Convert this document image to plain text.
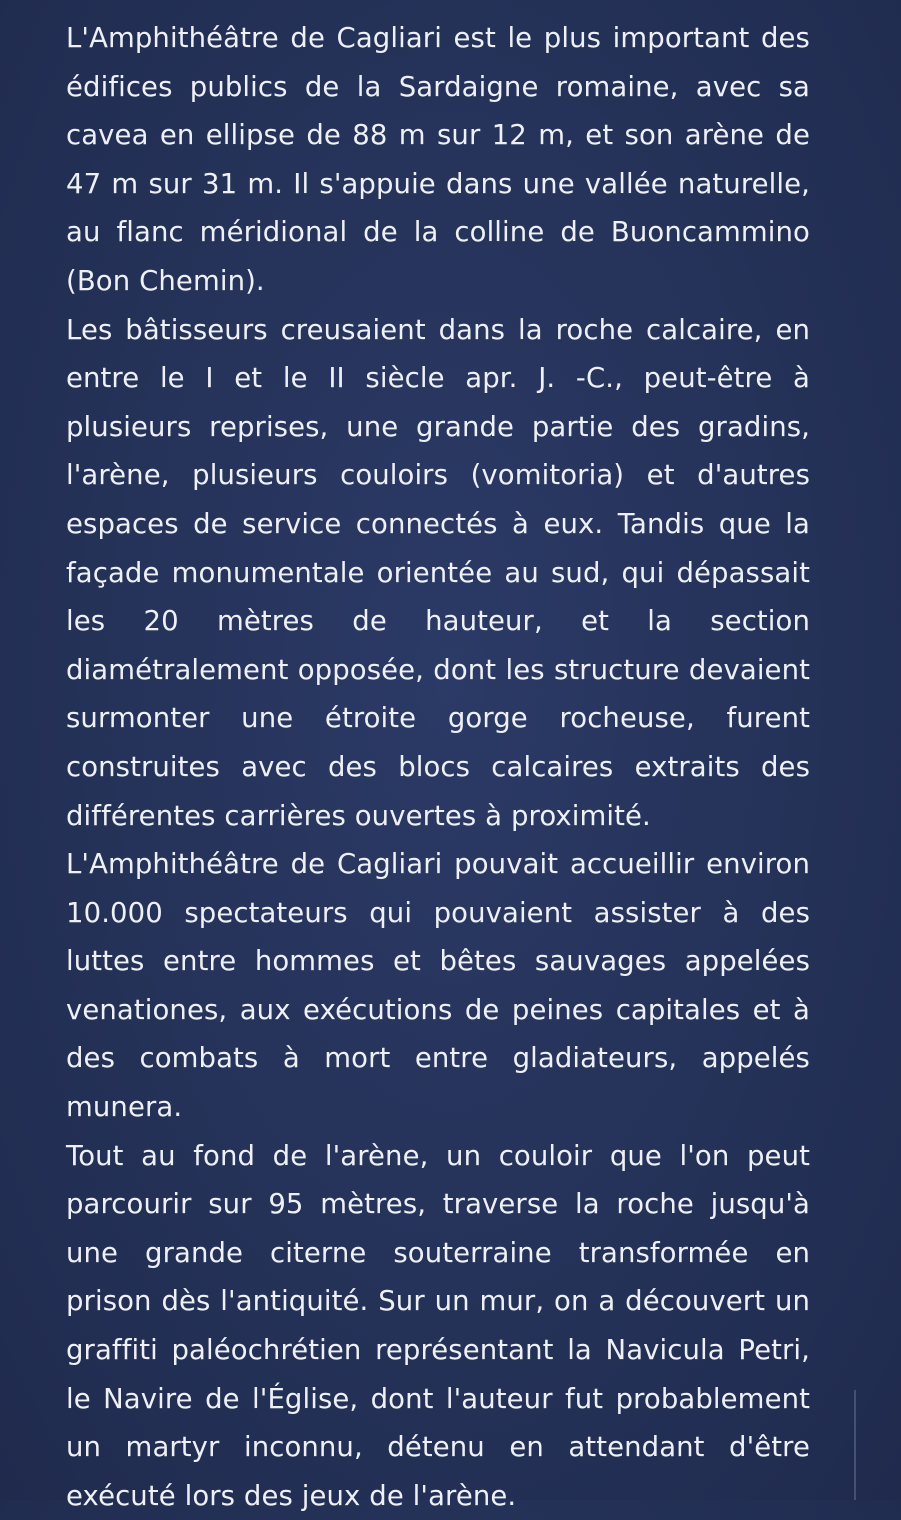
L'Amphithéâtre de Cagliari est le plus important des édifices publics de la Sardaigne romaine, avec sa cavea en ellipse de 88 m sur 12 m, et son arène de 47 m sur 31 m. Il s'appuie dans une vallée naturelle, au flanc méridional de la colline de Buoncammino (Bon Chemin).

Les bâtisseurs creusaient dans la roche calcaire, en entre le I et le II siècle apr. J. -C., peut-être à plusieurs reprises, une grande partie des gradins, l'arène, plusieurs couloirs (vomitoria) et d'autres espaces de service connectés à eux. Tandis que la façade monumentale orientée au sud, qui dépassait les 20 mètres de hauteur, et la section diamétralement opposée, dont les structure devaient surmonter une étroite gorge rocheuse, furent construites avec des blocs calcaires extraits des différentes carrières ouvertes à proximité.

L'Amphithéâtre de Cagliari pouvait accueillir environ 10.000 spectateurs qui pouvaient assister à des luttes entre hommes et bêtes sauvages appelées venationes, aux exécutions de peines capitales et à des combats à mort entre gladiateurs, appelés munera.

Tout au fond de l'arène, un couloir que l'on peut parcourir sur 95 mètres, traverse la roche jusqu'à une grande citerne souterraine transformée en prison dès l'antiquité. Sur un mur, on a découvert un graffiti paléochrétien représentant la Navicula Petri, le Navire de l'Église, dont l'auteur fut probablement un martyr inconnu, détenu en attendant d'être exécuté lors des jeux de l'arène.
